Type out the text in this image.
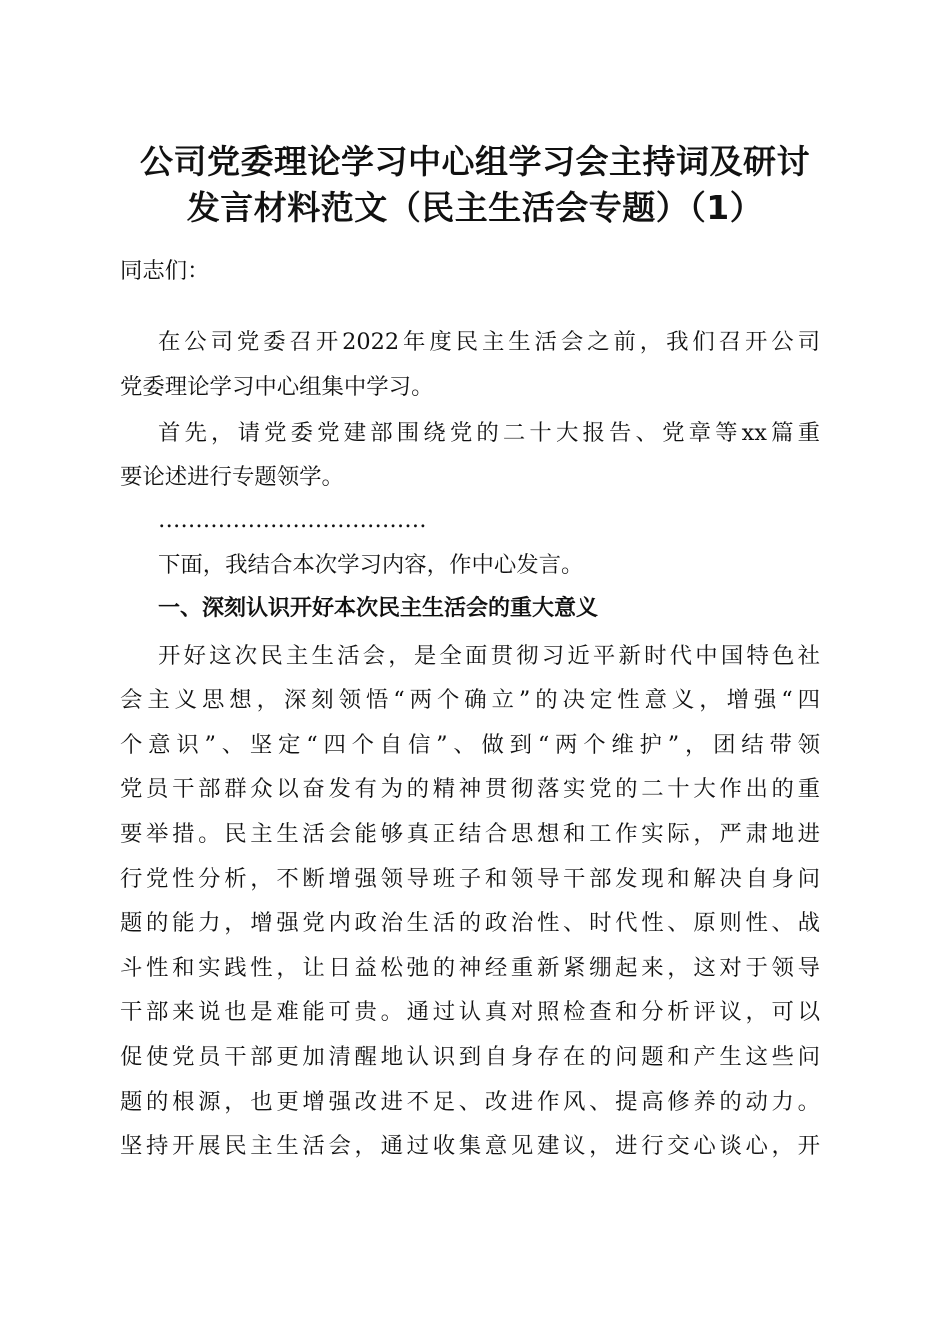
公司党委理论学习中心组学习会主持词及研讨
发言材料范文（民主生活会专题）（1）
同志们：
在公司党委召开2022年度民主生活会之前，我们召开公司
党委理论学习中心组集中学习。
首先，请党委党建部围绕党的二十大报告、党章等xx篇重
要论述进行专题领学。
………………………………
下面，我结合本次学习内容，作中心发言。
一、深刻认识开好本次民主生活会的重大意义
开好这次民主生活会，是全面贯彻习近平新时代中国特色社
会主义思想，深刻领悟“两个确立”的决定性意义，增强“四
个意识”、坚定“四个自信”、做到“两个维护”，团结带领
党员干部群众以奋发有为的精神贯彻落实党的二十大作出的重
要举措。民主生活会能够真正结合思想和工作实际，严肃地进
行党性分析，不断增强领导班子和领导干部发现和解决自身问
题的能力，增强党内政治生活的政治性、时代性、原则性、战
斗性和实践性，让日益松弛的神经重新紧绷起来，这对于领导
干部来说也是难能可贵。通过认真对照检查和分析评议，可以
促使党员干部更加清醒地认识到自身存在的问题和产生这些问
题的根源，也更增强改进不足、改进作风、提高修养的动力。
坚持开展民主生活会，通过收集意见建议，进行交心谈心，开
